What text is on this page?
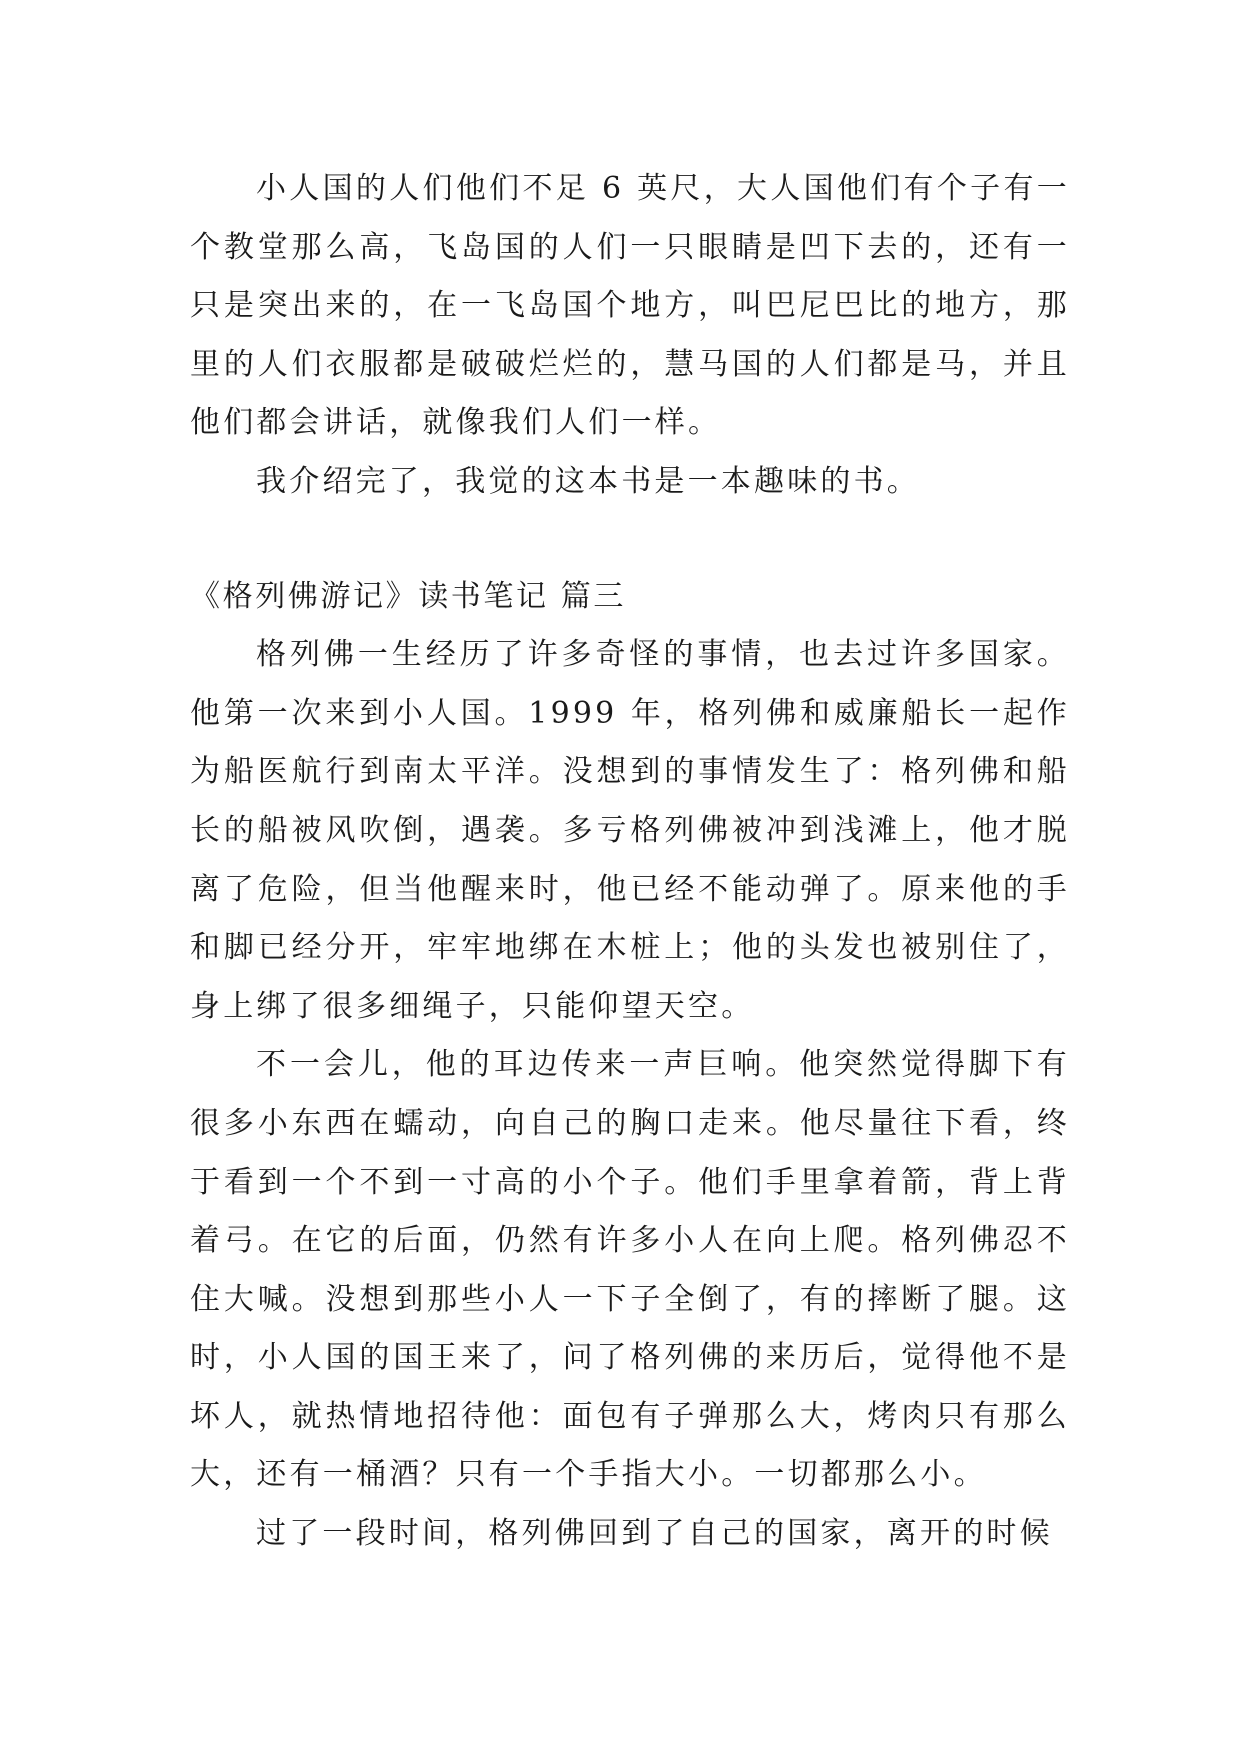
小人国的人们他们不足 6 英尺，大人国他们有个子有一个教堂那么高，飞岛国的人们一只眼睛是凹下去的，还有一只是突出来的，在一飞岛国个地方，叫巴尼巴比的地方，那里的人们衣服都是破破烂烂的，慧马国的人们都是马，并且他们都会讲话，就像我们人们一样。

我介绍完了，我觉的这本书是一本趣味的书。

《格列佛游记》读书笔记 篇三

格列佛一生经历了许多奇怪的事情，也去过许多国家。他第一次来到小人国。1999 年，格列佛和威廉船长一起作为船医航行到南太平洋。没想到的事情发生了：格列佛和船长的船被风吹倒，遇袭。多亏格列佛被冲到浅滩上，他才脱离了危险，但当他醒来时，他已经不能动弹了。原来他的手和脚已经分开，牢牢地绑在木桩上；他的头发也被别住了，身上绑了很多细绳子，只能仰望天空。

不一会儿，他的耳边传来一声巨响。他突然觉得脚下有很多小东西在蠕动，向自己的胸口走来。他尽量往下看，终于看到一个不到一寸高的小个子。他们手里拿着箭，背上背着弓。在它的后面，仍然有许多小人在向上爬。格列佛忍不住大喊。没想到那些小人一下子全倒了，有的摔断了腿。这时，小人国的国王来了，问了格列佛的来历后，觉得他不是坏人，就热情地招待他：面包有子弹那么大，烤肉只有那么大，还有一桶酒？只有一个手指大小。一切都那么小。

过了一段时间，格列佛回到了自己的国家，离开的时候
